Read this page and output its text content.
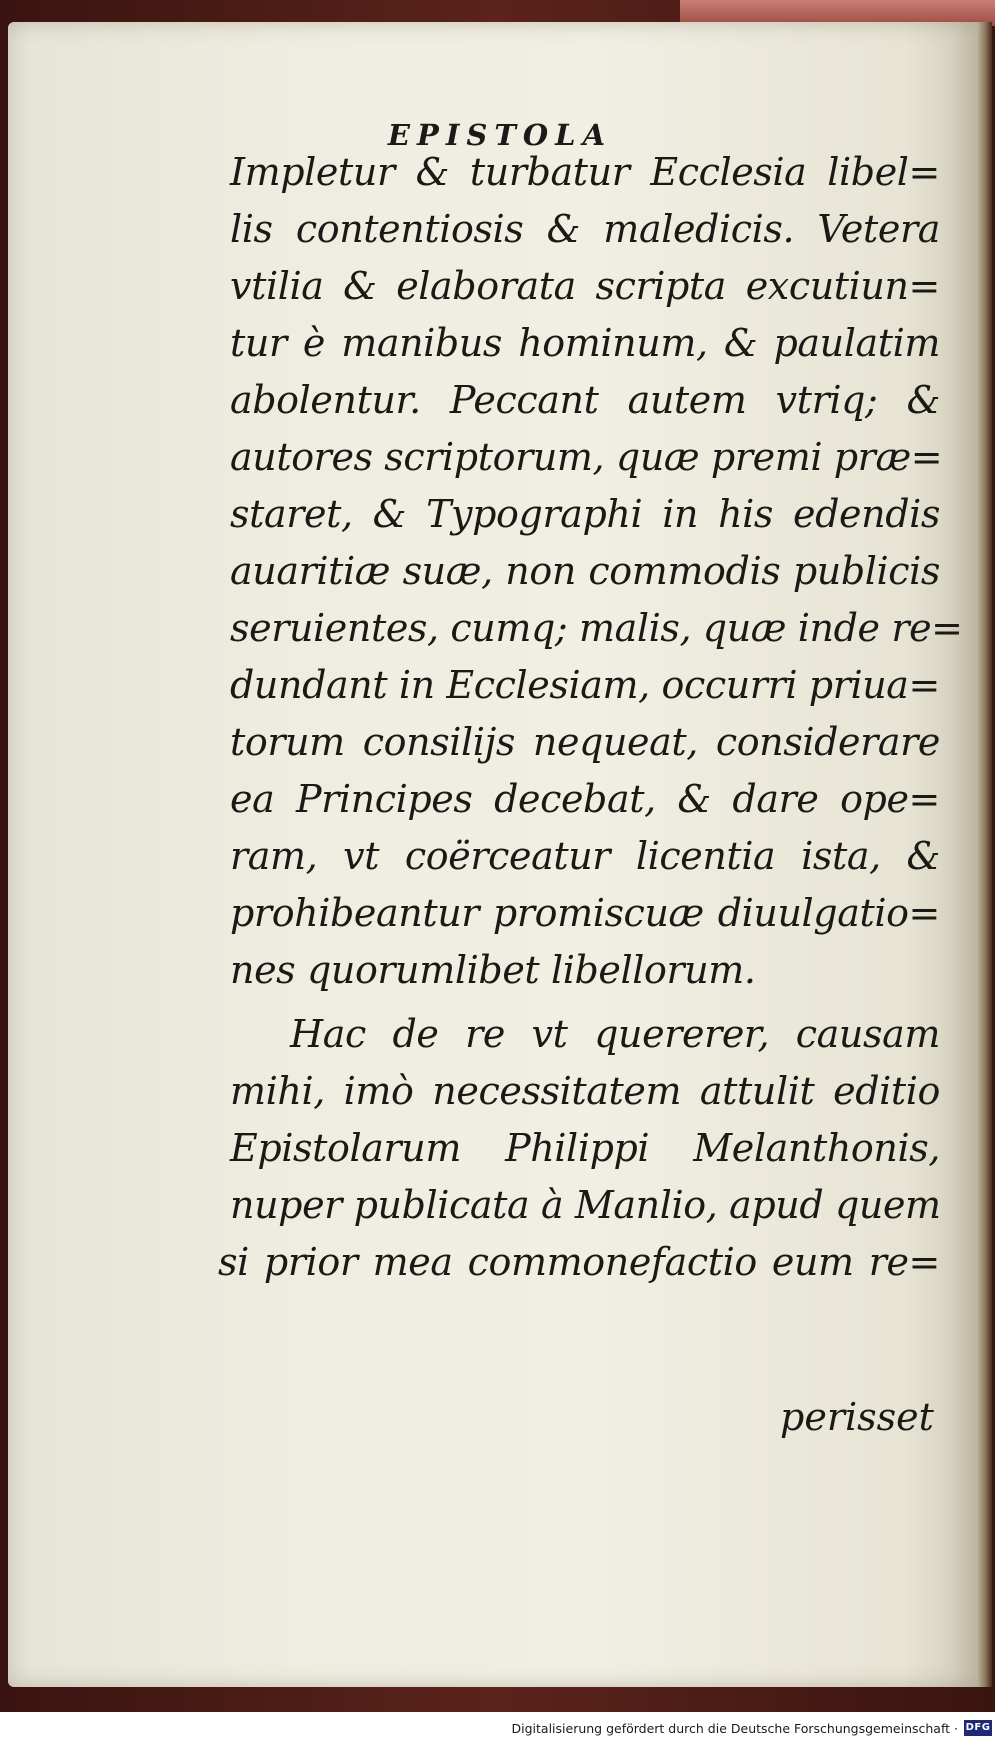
EPISTOLA
Impletur & turbatur Ecclesia libel=
lis contentiosis & maledicis. Vetera
vtilia & elaborata scripta excutiun=
tur è manibus hominum, & paulatim
abolentur. Peccant autem vtriq; &
autores scriptorum, quæ premi præ=
staret, & Typographi in his edendis
auaritiæ suæ, non commodis publicis
seruientes, cumq; malis, quæ inde re=
dundant in Ecclesiam, occurri priua=
torum consilijs nequeat, considerare
ea Principes decebat, & dare ope=
ram, vt coërceatur licentia ista, &
prohibeantur promiscuæ diuulgatio=
nes quorumlibet libellorum.
Hac de re vt quererer, causam
mihi, imò necessitatem attulit editio
Epistolarum Philippi Melanthonis,
nuper publicata à Manlio, apud quem
si prior mea commonefactio eum re=
perisset
Digitalisierung gefördert durch die Deutsche Forschungsgemeinschaft · DFG
